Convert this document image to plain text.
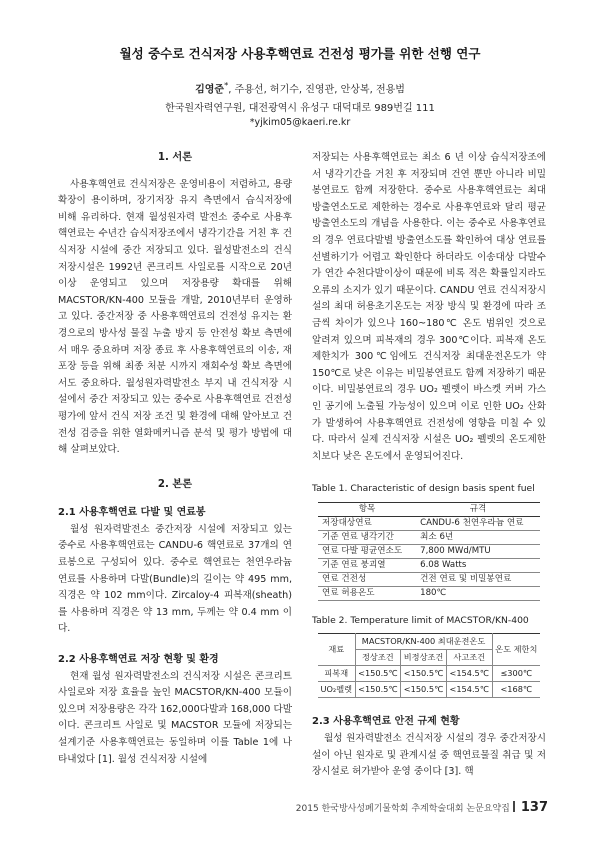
월성 중수로 건식저장 사용후핵연료 건전성 평가를 위한 선행 연구
김영준*, 주용선, 허기수, 진영관, 안상복, 전용범
한국원자력연구원, 대전광역시 유성구 대덕대로 989번길 111
*yjkim05@kaeri.re.kr
1. 서론

사용후핵연료 건식저장은 운영비용이 저렴하고, 용량확장이 용이하며, 장기저장 유지 측면에서 습식저장에 비해 유리하다. 현재 월성원자력 발전소 중수로 사용후핵연료는 수년간 습식저장조에서 냉각기간을 거친 후 건식저장 시설에 중간 저장되고 있다. 월성발전소의 건식저장시설은 1992년 콘크리트 사일로를 시작으로 20년 이상 운영되고 있으며 저장용량 확대를 위해 MACSTOR/KN-400 모듈을 개발, 2010년부터 운영하고 있다. 중간저장 중 사용후핵연료의 건전성 유지는 환경으로의 방사성 물질 누출 방지 등 안전성 확보 측면에서 매우 중요하며 저장 종료 후 사용후핵연료의 이송, 재포장 등을 위해 최종 처분 시까지 재회수성 확보 측면에서도 중요하다. 월성원자력발전소 부지 내 건식저장 시설에서 중간 저장되고 있는 중수로 사용후핵연료 건전성 평가에 앞서 건식 저장 조건 및 환경에 대해 알아보고 건전성 검증을 위한 열화메커니즘 분석 및 평가 방법에 대해 살펴보았다.

2. 본론
2.1 사용후핵연료 다발 및 연료봉

월성 원자력발전소 중간저장 시설에 저장되고 있는 중수로 사용후핵연료는 CANDU-6 핵연료로 37개의 연료봉으로 구성되어 있다. 중수로 핵연료는 천연우라늄 연료를 사용하며 다발(Bundle)의 길이는 약 495 mm, 직경은 약 102 mm이다. Zircaloy-4 피복재(sheath)를 사용하며 직경은 약 13 mm, 두께는 약 0.4 mm 이다.

2.2 사용후핵연료 저장 현황 및 환경

현재 월성 원자력발전소의 건식저장 시설은 콘크리트 사일로와 저장 효율을 높인 MACSTOR/KN-400 모듈이 있으며 저장용량은 각각 162,000다발과 168,000 다발이다. 콘크리트 사일로 및 MACSTOR 모듈에 저장되는 설계기준 사용후핵연료는 동일하며 이를 Table 1에 나타내었다 [1]. 월성 건식저장 시설에

저장되는 사용후핵연료는 최소 6 년 이상 습식저장조에서 냉각기간을 거친 후 저장되며 건연 뿐만 아니라 비밀봉연료도 함께 저장한다. 중수로 사용후핵연료는 최대 방출연소도로 제한하는 경수로 사용후연료와 달리 평균 방출연소도의 개념을 사용한다. 이는 중수로 사용후연료의 경우 연료다발별 방출연소도를 확인하여 대상 연료를 선별하기가 어렵고 확인한다 하더라도 이송대상 다발수가 연간 수천다발이상이 때문에 비록 적은 확률일지라도 오류의 소지가 있기 때문이다. CANDU 연료 건식저장시설의 최대 허용초기온도는 저장 방식 및 환경에 따라 조금씩 차이가 있으나 160~180℃ 온도 범위인 것으로 알려져 있으며 피복재의 경우 300℃이다. 피복재 온도 제한치가 300℃임에도 건식저장 최대운전온도가 약 150℃로 낮은 이유는 비밀봉연료도 함께 저장하기 때문이다. 비밀봉연료의 경우 UO₂ 펠렛이 바스켓 커버 가스인 공기에 노출될 가능성이 있으며 이로 인한 UO₂ 산화가 발생하여 사용후핵연료 건전성에 영향을 미칠 수 있다. 따라서 실제 건식저장 시설은 UO₂ 펠렛의 온도제한치보다 낮은 온도에서 운영되어진다.

Table 1. Characteristic of design basis spent fuel
항목	규격
저장대상연료	CANDU-6 천연우라늄 연료
기준 연료 냉각기간	최소 6년
연료 다발 평균연소도	7,800 MWd/MTU
기준 연료 붕괴열	6.08 Watts
연료 건전성	건전 연료 및 비밀봉연료
연료 허용온도	180℃
Table 2. Temperature limit of MACSTOR/KN-400
재료	MACSTOR/KN-400 최대운전온도			온도 제한치
	정상조건	비정상조건	사고조건	
피복재	<150.5℃	<150.5℃	<154.5℃	≤300℃
UO₂펠렛	<150.5℃	<150.5℃	<154.5℃	<168℃
2.3 사용후핵연료 안전 규제 현황

월성 원자력발전소 건식저장 시설의 경우 중간저장시설이 아닌 원자로 및 관계시설 중 핵연료물질 취급 및 저장시설로 허가받아 운영 중이다 [3]. 핵

2015 한국방사성폐기물학회 추계학술대회 논문요약집 137
